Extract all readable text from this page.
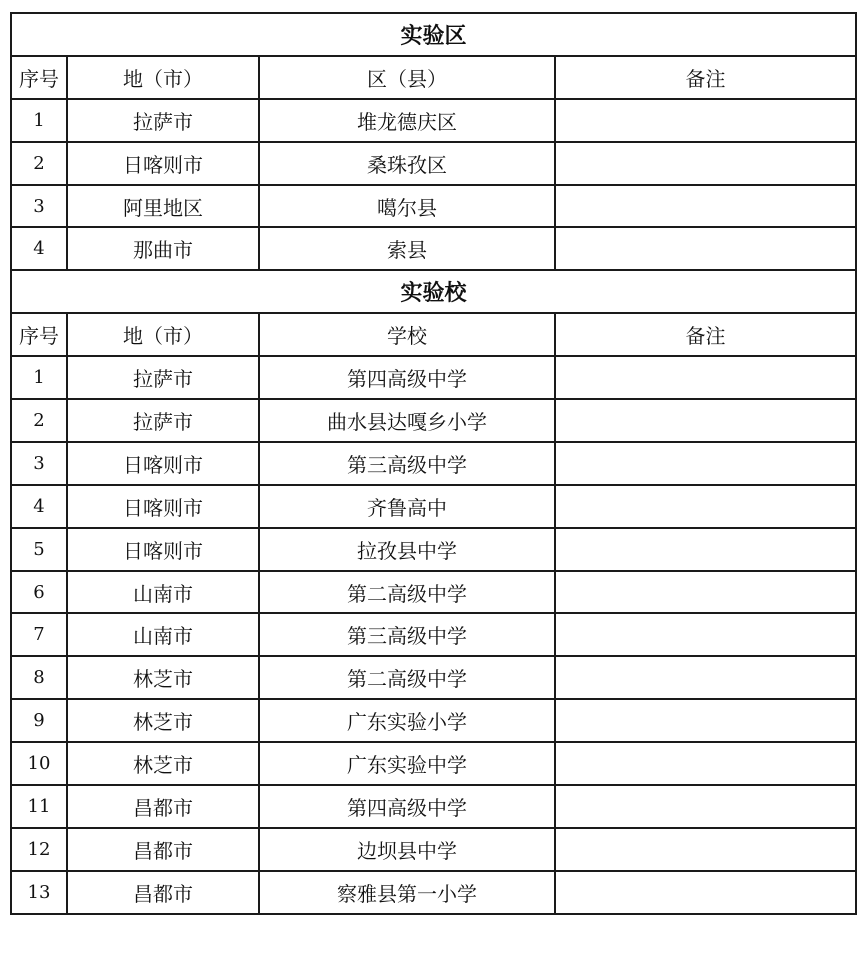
实验区			
序号	地（市）	区（县）	备注
1	拉萨市	堆龙德庆区	
2	日喀则市	桑珠孜区	
3	阿里地区	噶尔县	
4	那曲市	索县	
实验校			
序号	地（市）	学校	备注
1	拉萨市	第四高级中学	
2	拉萨市	曲水县达嘎乡小学	
3	日喀则市	第三高级中学	
4	日喀则市	齐鲁高中	
5	日喀则市	拉孜县中学	
6	山南市	第二高级中学	
7	山南市	第三高级中学	
8	林芝市	第二高级中学	
9	林芝市	广东实验小学	
10	林芝市	广东实验中学	
11	昌都市	第四高级中学	
12	昌都市	边坝县中学	
13	昌都市	察雅县第一小学	
